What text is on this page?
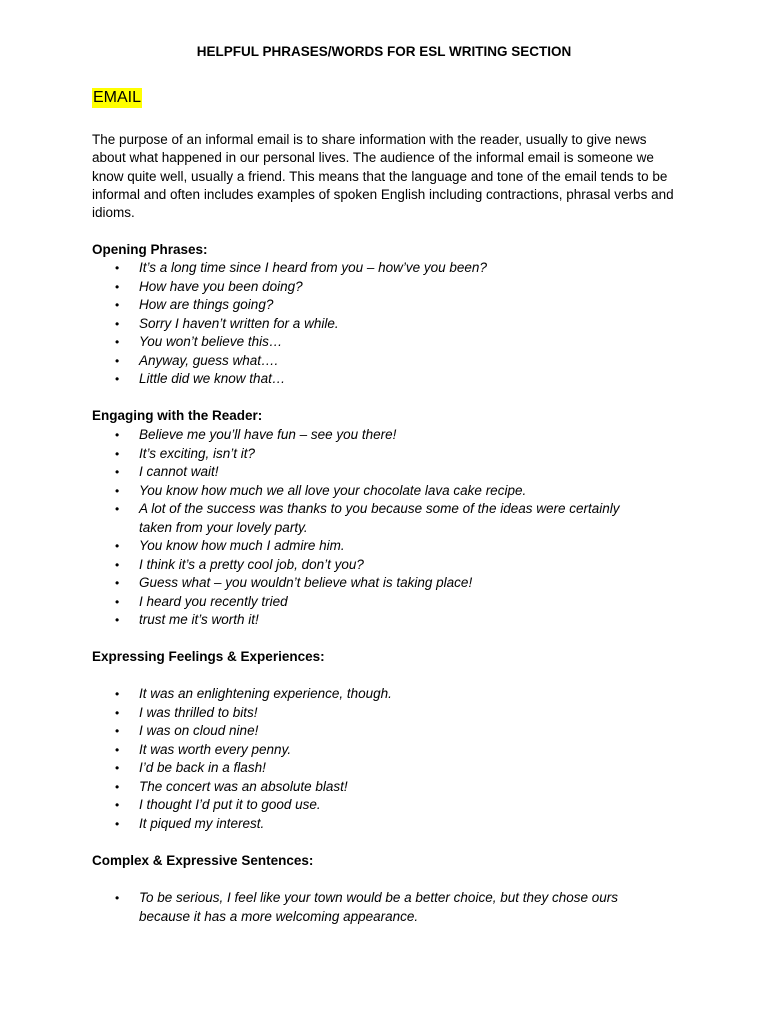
HELPFUL PHRASES/WORDS FOR ESL WRITING SECTION
EMAIL

The purpose of an informal email is to share information with the reader, usually to give news about what happened in our personal lives. The audience of the informal email is someone we know quite well, usually a friend. This means that the language and tone of the email tends to be informal and often includes examples of spoken English including contractions, phrasal verbs and idioms.

Opening Phrases:
• It’s a long time since I heard from you – how’ve you been?
• How have you been doing?
• How are things going?
• Sorry I haven’t written for a while.
• You won’t believe this…
• Anyway, guess what….
• Little did we know that…
Engaging with the Reader:
• Believe me you’ll have fun – see you there!
• It’s exciting, isn’t it?
• I cannot wait!
• You know how much we all love your chocolate lava cake recipe.
• A lot of the success was thanks to you because some of the ideas were certainly taken from your lovely party.
• You know how much I admire him.
• I think it’s a pretty cool job, don’t you?
• Guess what – you wouldn’t believe what is taking place!
• I heard you recently tried
• trust me it’s worth it!
Expressing Feelings & Experiences:
• It was an enlightening experience, though.
• I was thrilled to bits!
• I was on cloud nine!
• It was worth every penny.
• I’d be back in a flash!
• The concert was an absolute blast!
• I thought I’d put it to good use.
• It piqued my interest.
Complex & Expressive Sentences:
• To be serious, I feel like your town would be a better choice, but they chose ours because it has a more welcoming appearance.
